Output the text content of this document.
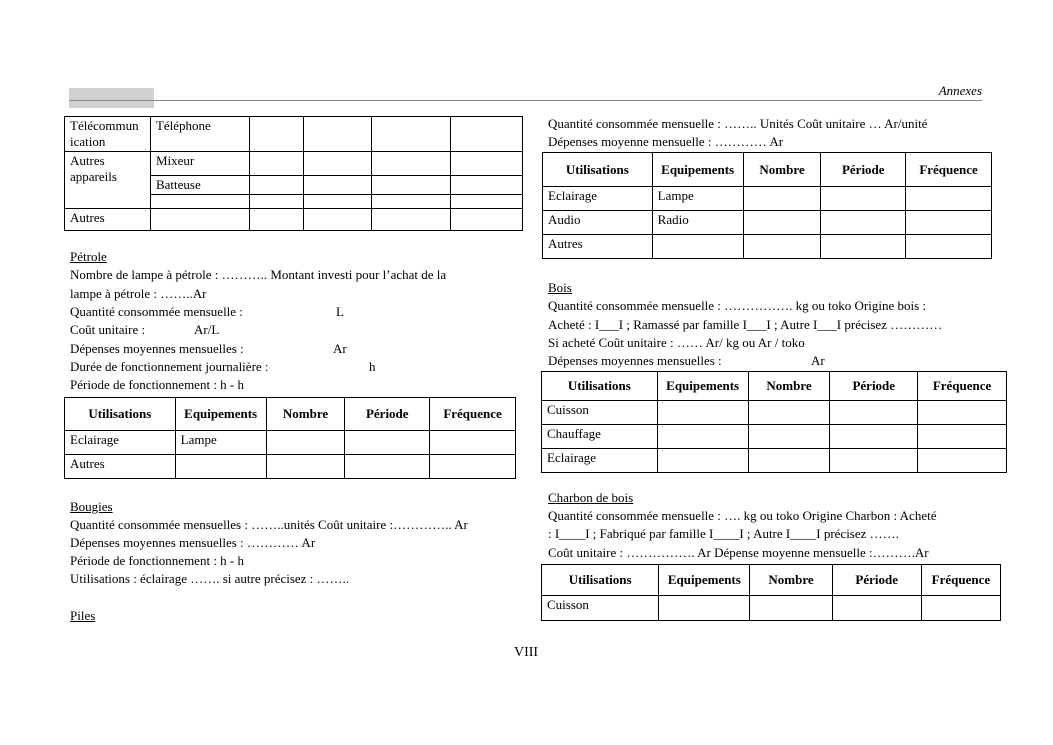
Annexes
Télécommun ication	Téléphone				
Autres appareils	Mixeur				
	Batteuse				

Autres					
Pétrole
Nombre de lampe à pétrole : ……….. Montant investi pour l’achat de la
lampe à pétrole : ……..Ar
Quantité consommée mensuelle :	L
Coût unitaire :	Ar/L
Dépenses moyennes mensuelles :	Ar
Durée de fonctionnement journalière :	h
Période de fonctionnement : h - h
Utilisations	Equipements	Nombre	Période	Fréquence
Eclairage	Lampe			
Autres				
Bougies
Quantité consommée mensuelles : ……..unités Coût unitaire :………….. Ar
Dépenses moyennes mensuelles : ………… Ar
Période de fonctionnement : h - h
Utilisations : éclairage ……. si autre précisez : ……..
Piles
Quantité consommée mensuelle : …….. Unités Coût unitaire … Ar/unité
Dépenses moyenne mensuelle : ………… Ar
Utilisations	Equipements	Nombre	Période	Fréquence
Eclairage	Lampe			
Audio	Radio			
Autres				
Bois
Quantité consommée mensuelle : ……………. kg ou toko Origine bois :
Acheté : I___I ; Ramassé par famille I___I ; Autre I___I précisez …………
Si acheté Coût unitaire : …… Ar/ kg ou Ar / toko
Dépenses moyennes mensuelles :	Ar
Utilisations	Equipements	Nombre	Période	Fréquence
Cuisson				
Chauffage				
Eclairage				
Charbon de bois
Quantité consommée mensuelle : …. kg ou toko Origine Charbon : Acheté
: I____I ; Fabriqué par famille I____I ; Autre I____I précisez …….
Coût unitaire : ……………. Ar Dépense moyenne mensuelle :……….Ar
Utilisations	Equipements	Nombre	Période	Fréquence
Cuisson				
VIII
